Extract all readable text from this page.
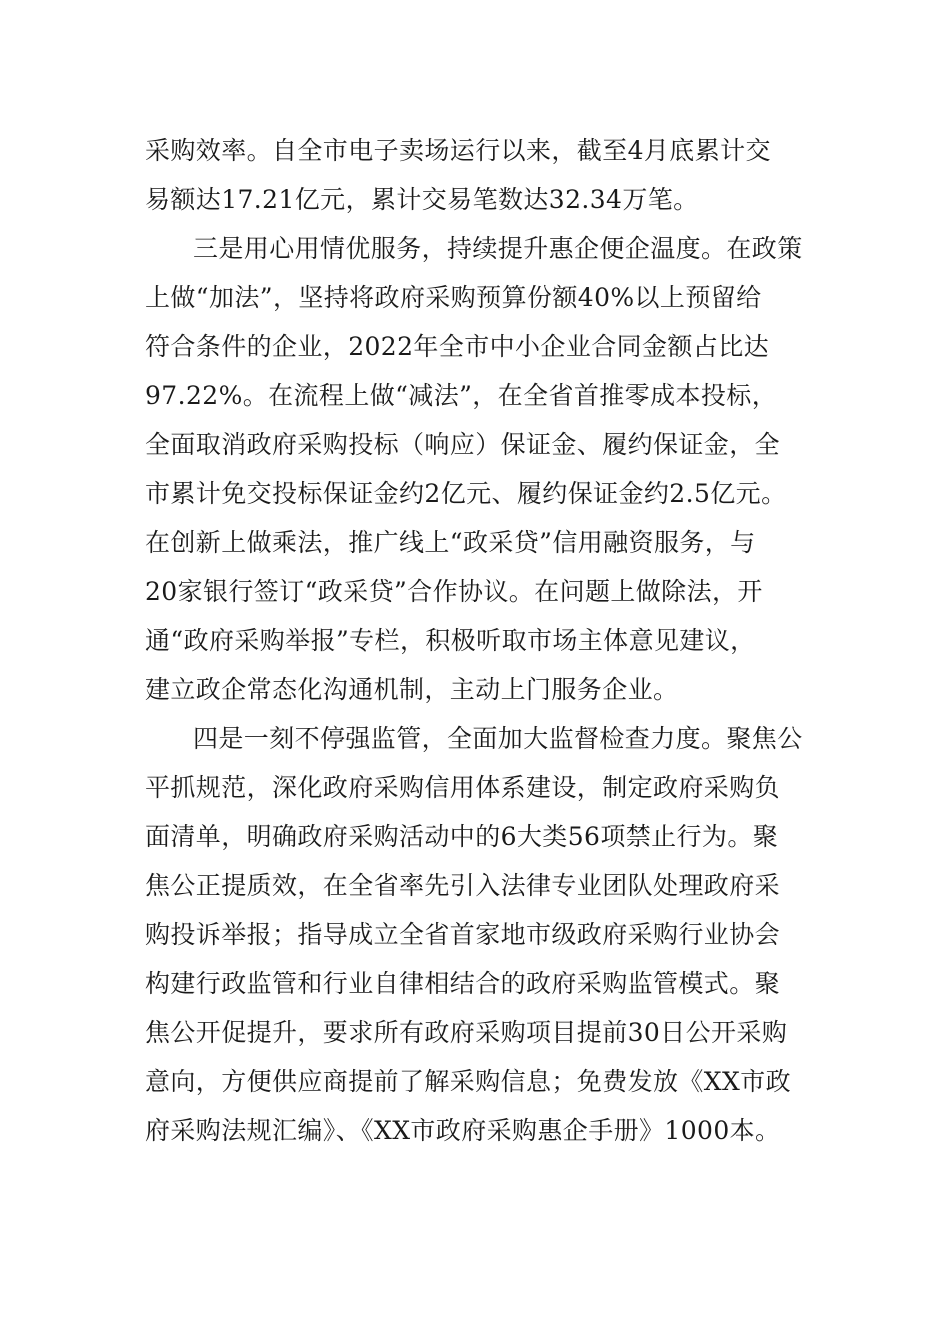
采购效率。自全市电子卖场运行以来，截至4月底累计交
易额达17.21亿元，累计交易笔数达32.34万笔。
三是用心用情优服务，持续提升惠企便企温度。在政策
上做“加法”，坚持将政府采购预算份额40%以上预留给
符合条件的企业，2022年全市中小企业合同金额占比达
97.22%。在流程上做“减法”，在全省首推零成本投标，
全面取消政府采购投标（响应）保证金、履约保证金，全
市累计免交投标保证金约2亿元、履约保证金约2.5亿元。
在创新上做乘法，推广线上“政采贷”信用融资服务，与
20家银行签订“政采贷”合作协议。在问题上做除法，开
通“政府采购举报”专栏，积极听取市场主体意见建议，
建立政企常态化沟通机制，主动上门服务企业。
四是一刻不停强监管，全面加大监督检查力度。聚焦公
平抓规范，深化政府采购信用体系建设，制定政府采购负
面清单，明确政府采购活动中的6大类56项禁止行为。聚
焦公正提质效，在全省率先引入法律专业团队处理政府采
购投诉举报；指导成立全省首家地市级政府采购行业协会
构建行政监管和行业自律相结合的政府采购监管模式。聚
焦公开促提升，要求所有政府采购项目提前30日公开采购
意向，方便供应商提前了解采购信息；免费发放《XX市政
府采购法规汇编》、《XX市政府采购惠企手册》1000本。
